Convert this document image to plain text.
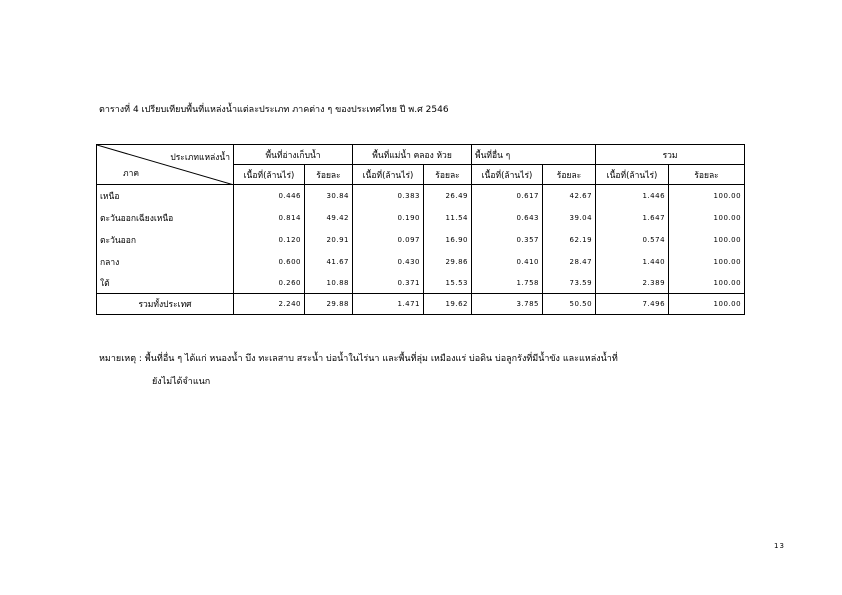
ตารางที่ 4 เปรียบเทียบพื้นที่แหล่งน้ำแต่ละประเภท ภาคต่าง ๆ ของประเทศไทย ปี พ.ศ 2546
ประเภทแหล่งน้ำ
ภาค	พื้นที่อ่างเก็บน้ำ		พื้นที่แม่น้ำ คลอง ห้วย		พื้นที่อื่น ๆ		รวม	
	เนื้อที่(ล้านไร่)	ร้อยละ	เนื้อที่(ล้านไร่)	ร้อยละ	เนื้อที่(ล้านไร่)	ร้อยละ	เนื้อที่(ล้านไร่)	ร้อยละ
เหนือ	0.446	30.84	0.383	26.49	0.617	42.67	1.446	100.00
ตะวันออกเฉียงเหนือ	0.814	49.42	0.190	11.54	0.643	39.04	1.647	100.00
ตะวันออก	0.120	20.91	0.097	16.90	0.357	62.19	0.574	100.00
กลาง	0.600	41.67	0.430	29.86	0.410	28.47	1.440	100.00
ใต้	0.260	10.88	0.371	15.53	1.758	73.59	2.389	100.00
รวมทั้งประเทศ	2.240	29.88	1.471	19.62	3.785	50.50	7.496	100.00
หมายเหตุ : พื้นที่อื่น ๆ ได้แก่ หนองน้ำ บึง ทะเลสาบ สระน้ำ บ่อน้ำในไร่นา และพื้นที่ลุ่ม เหมืองแร่ บ่อดิน บ่อลูกรังที่มีน้ำขัง และแหล่งน้ำที่
ยังไม่ได้จำแนก
13
